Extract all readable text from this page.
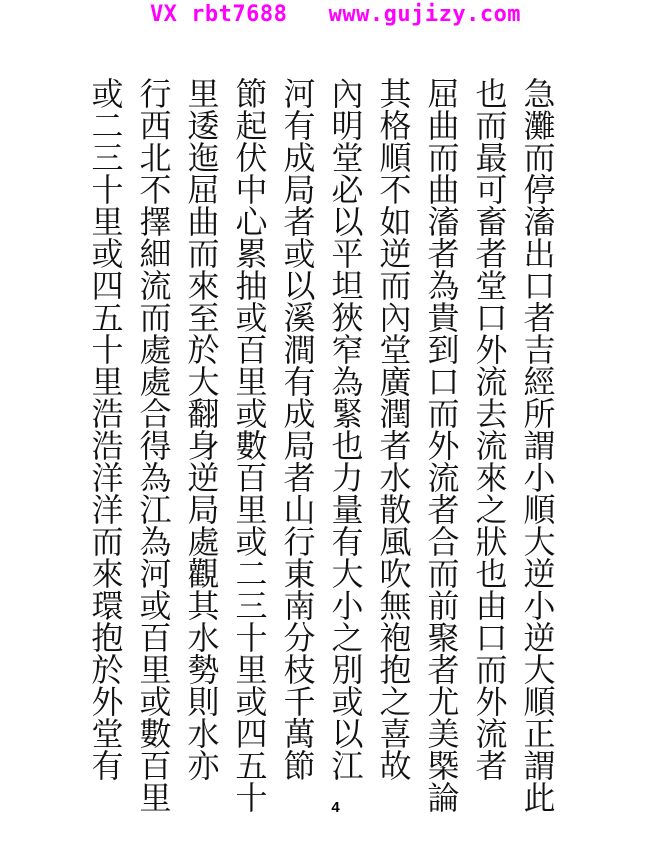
VX rbt7688   www.gujizy.com
急
灘
而
停
滀
出
口
者
吉
經
所
謂
小
順
大
逆
小
逆
大
順
正
謂
此
也
而
最
可
畜
者
堂
口
外
流
去
流
來
之
狀
也
由
口
而
外
流
者
屈
曲
而
曲
滀
者
為
貴
到
口
而
外
流
者
合
而
前
聚
者
尤
美
槩
論
其
格
順
不
如
逆
而
內
堂
廣
潤
者
水
散
風
吹
無
袍
抱
之
喜
故
內
明
堂
必
以
平
坦
狹
窄
為
緊
也
力
量
有
大
小
之
別
或
以
江
河
有
成
局
者
或
以
溪
澗
有
成
局
者
山
行
東
南
分
枝
千
萬
節
節
起
伏
中
心
累
抽
或
百
里
或
數
百
里
或
二
三
十
里
或
四
五
十
里
逶
迤
屈
曲
而
來
至
於
大
翻
身
逆
局
處
觀
其
水
勢
則
水
亦
行
西
北
不
擇
細
流
而
處
處
合
得
為
江
為
河
或
百
里
或
數
百
里
或
二
三
十
里
或
四
五
十
里
浩
浩
洋
洋
而
來
環
抱
於
外
堂
有
4
